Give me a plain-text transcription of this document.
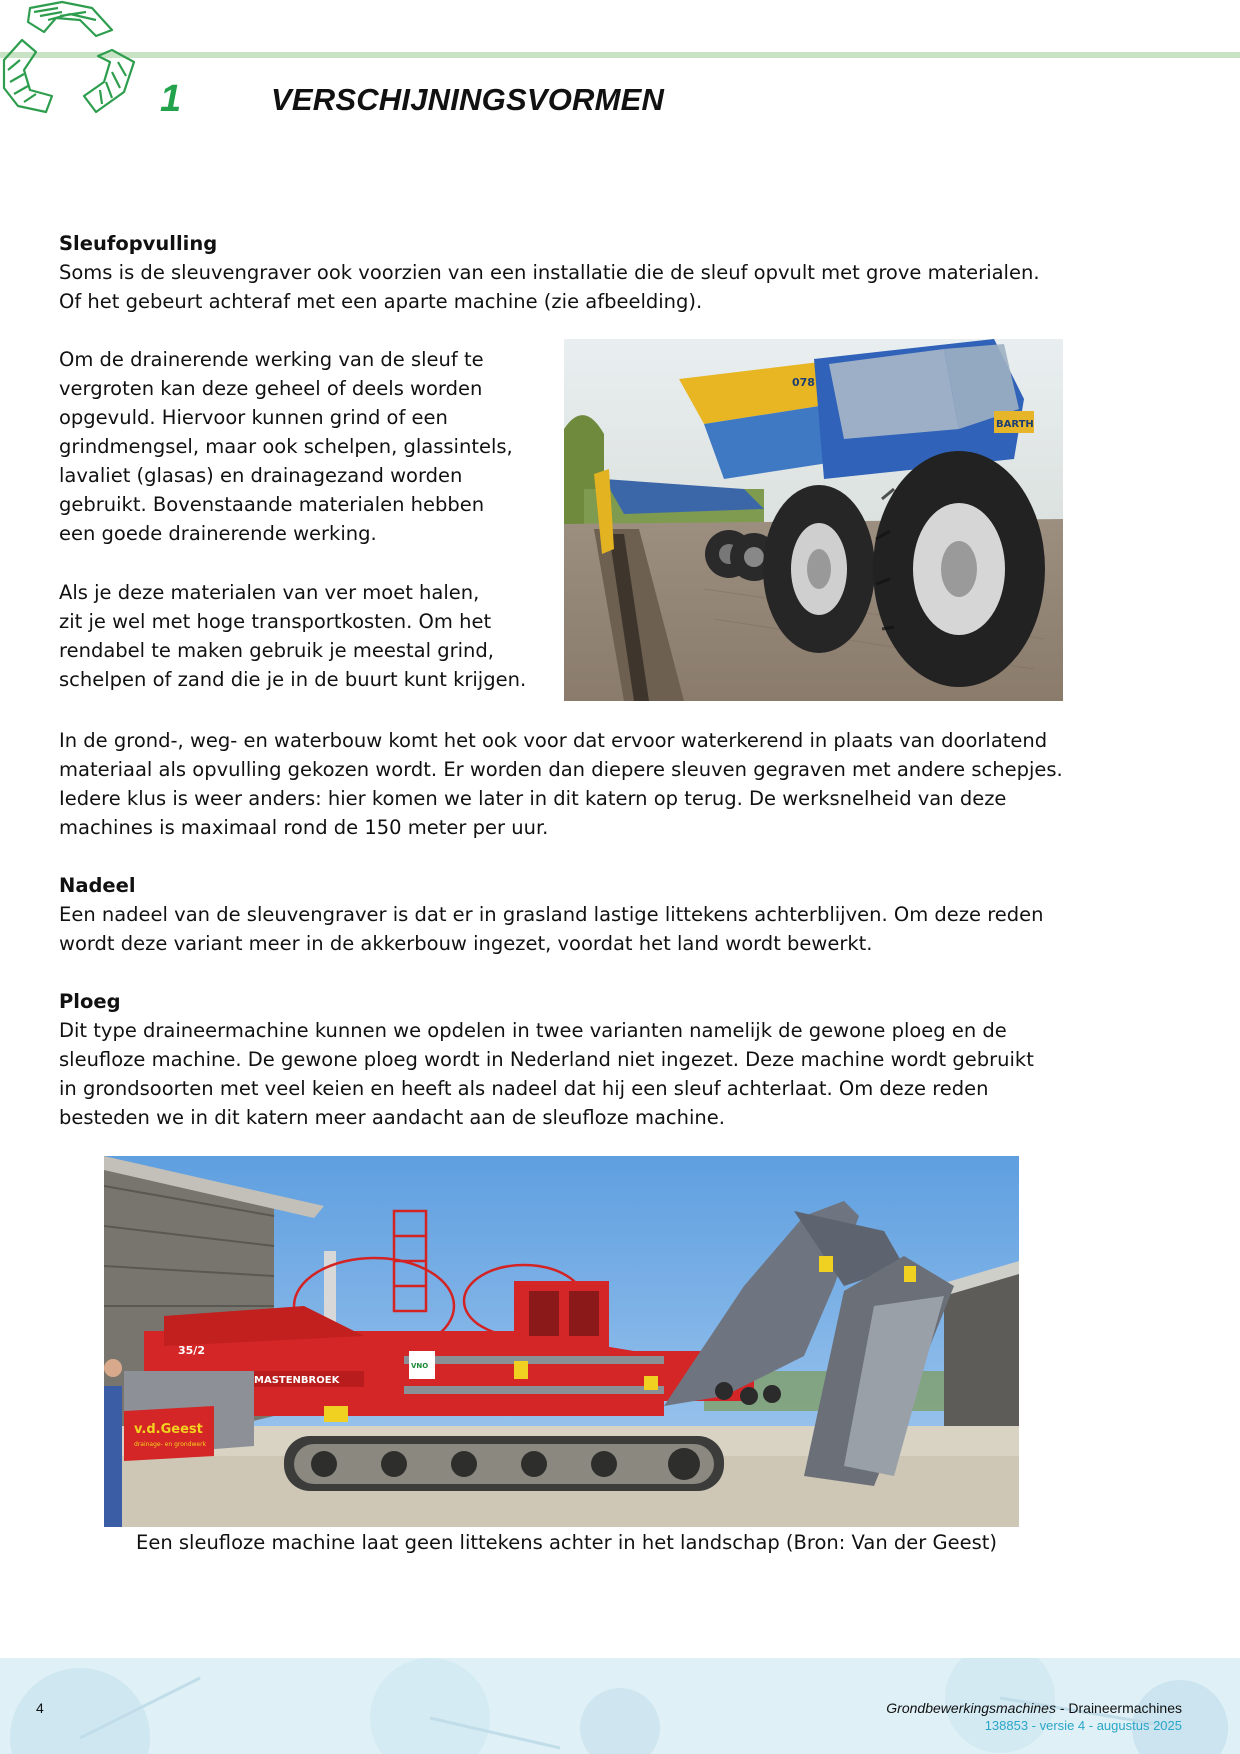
1	VERSCHIJNINGSVORMEN
Sleufopvulling

Soms is de sleuvengraver ook voorzien van een installatie die de sleuf opvult met grove materialen.

Of het gebeurt achteraf met een aparte machine (zie afbeelding).

Om de drainerende werking van de sleuf te

vergroten kan deze geheel of deels worden

opgevuld. Hiervoor kunnen grind of een

grindmengsel, maar ook schelpen, glassintels,

lavaliet (glasas) en drainagezand worden

gebruikt. Bovenstaande materialen hebben

een goede drainerende werking.

Als je deze materialen van ver moet halen,

zit je wel met hoge transportkosten. Om het

rendabel te maken gebruik je meestal grind,

schelpen of zand die je in de buurt kunt krijgen.

078
BARTH

In de grond-, weg- en waterbouw komt het ook voor dat ervoor waterkerend in plaats van doorlatend

materiaal als opvulling gekozen wordt. Er worden dan diepere sleuven gegraven met andere schepjes.

Iedere klus is weer anders: hier komen we later in dit katern op terug. De werksnelheid van deze

machines is maximaal rond de 150 meter per uur.

Nadeel

Een nadeel van de sleuvengraver is dat er in grasland lastige littekens achterblijven. Om deze reden

wordt deze variant meer in de akkerbouw ingezet, voordat het land wordt bewerkt.

Ploeg

Dit type draineermachine kunnen we opdelen in twee varianten namelijk de gewone ploeg en de

sleufloze machine. De gewone ploeg wordt in Nederland niet ingezet. Deze machine wordt gebruikt

in grondsoorten met veel keien en heeft als nadeel dat hij een sleuf achterlaat. Om deze reden

besteden we in dit katern meer aandacht aan de sleufloze machine.

35/2
MASTENBROEK
VNO
v.d.Geest
drainage- en grondwerk
Een sleufloze machine laat geen littekens achter in het landschap (Bron: Van der Geest)
4	Grondbewerkingsmachines - Draineermachines
138853 - versie 4 - augustus 2025
